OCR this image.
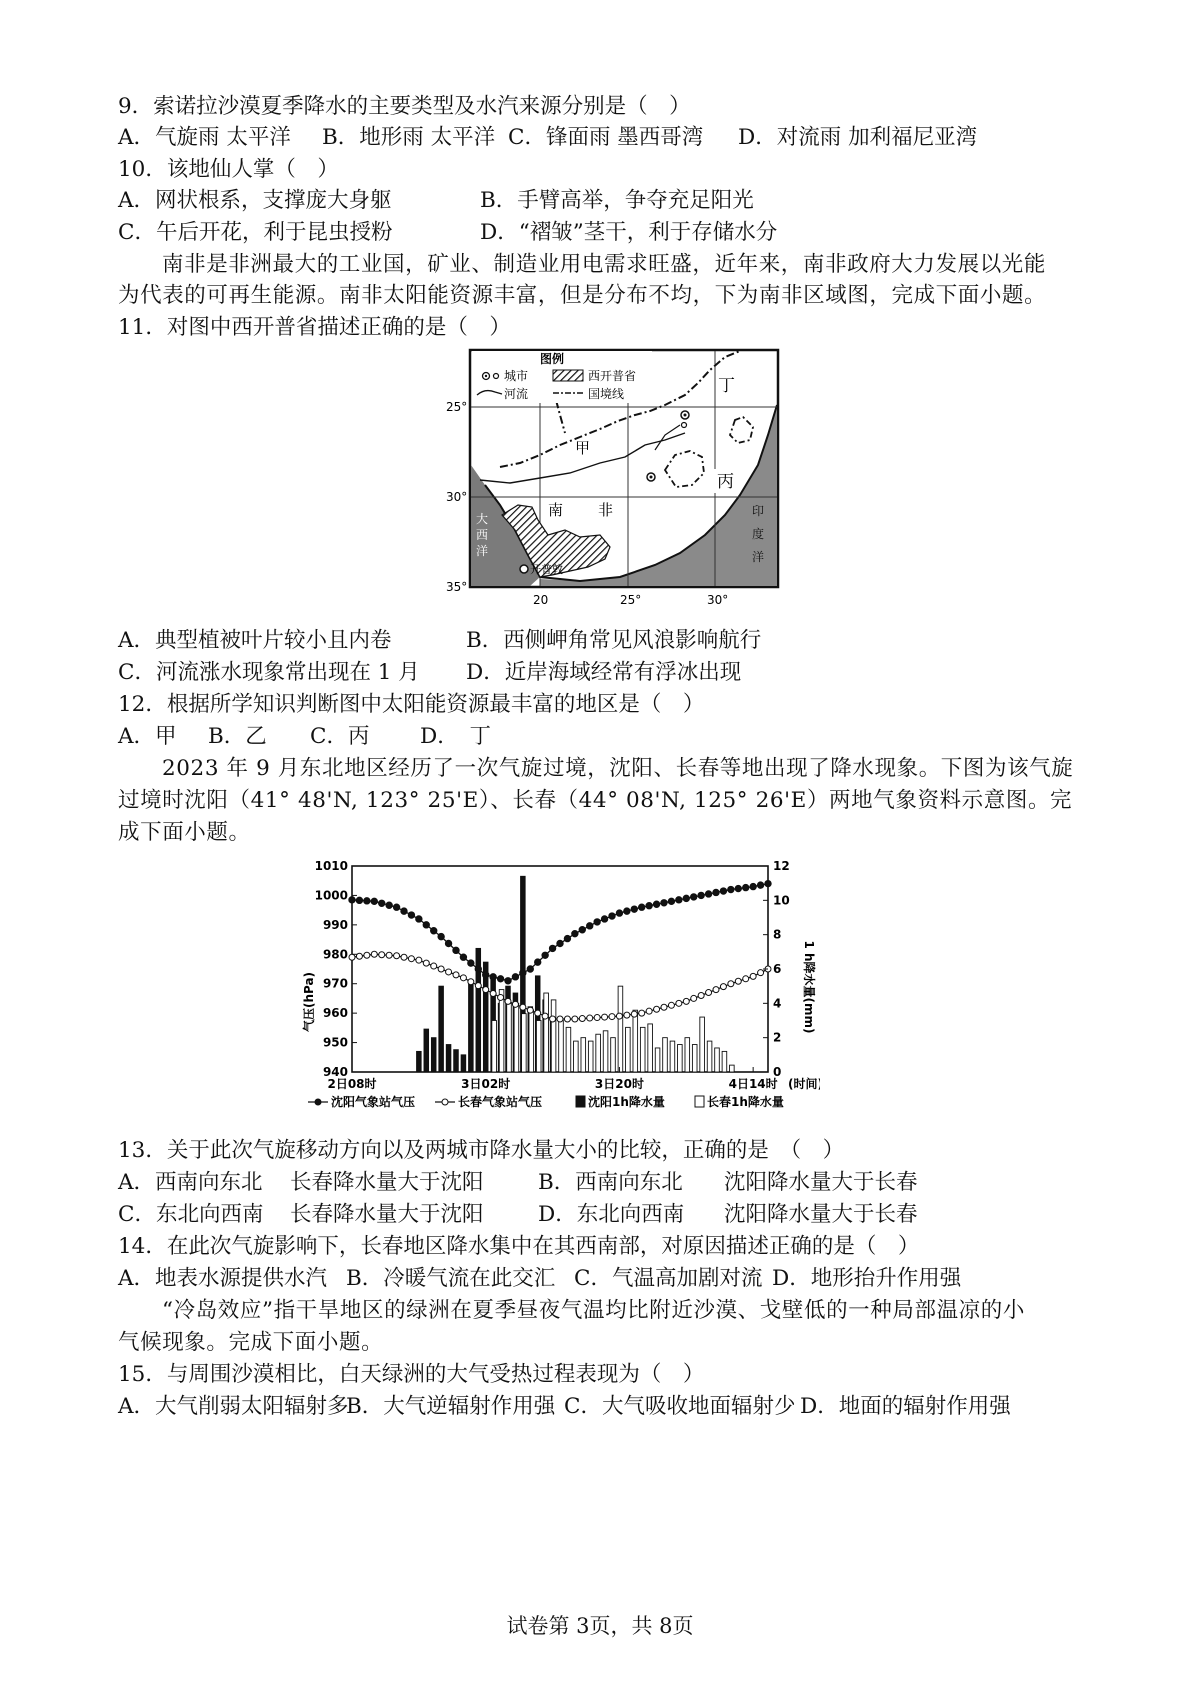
9．索诺拉沙漠夏季降水的主要类型及水汽来源分别是（　）
A．气旋雨 太平洋 B．地形雨 太平洋 C．锋面雨 墨西哥湾 D．对流雨 加利福尼亚湾
10．该地仙人掌（　）
A．网状根系，支撑庞大身躯	B．手臂高举，争夺充足阳光
C．午后开花，利于昆虫授粉	D．“褶皱”茎干，利于存储水分
南非是非洲最大的工业国，矿业、制造业用电需求旺盛，近年来，南非政府大力发展以光能
为代表的可再生能源。南非太阳能资源丰富，但是分布不均，下为南非区域图，完成下面小题。
11．对图中西开普省描述正确的是（　）
图例
城市	西开普省
河流	国境线
甲
丙
丁
南 非
大
西
洋
印
度
洋
开普敦
25°
30°
35°
20	25°	30°
A．典型植被叶片较小且内卷	B．西侧岬角常见风浪影响航行
C．河流涨水现象常出现在 1 月 D．近岸海域经常有浮冰出现
12．根据所学知识判断图中太阳能资源最丰富的地区是（　）
A．甲 B．乙 C．丙 D．　丁
2023 年 9 月东北地区经历了一次气旋过境，沈阳、长春等地出现了降水现象。下图为该气旋
过境时沈阳（41° 48'N, 123° 25'E）、长春（44° 08'N, 125° 26'E）两地气象资料示意图。完
成下面小题。
1010
1000
990
980
970
960
950
940
12
10
8
6
4
2
0
2日08时	3日02时	3日20时	4日14时
气压(hPa)	1 h降水量(mm)
(时间)
沈阳气象站气压	长春气象站气压	沈阳1h降水量	长春1h降水量
13．关于此次气旋移动方向以及两城市降水量大小的比较，正确的是　（　）
A．西南向东北 长春降水量大于沈阳	B．西南向东北 沈阳降水量大于长春
C．东北向西南 长春降水量大于沈阳	D．东北向西南 沈阳降水量大于长春
14．在此次气旋影响下，长春地区降水集中在其西南部，对原因描述正确的是（　）
A．地表水源提供水汽 B．冷暖气流在此交汇 C．气温高加剧对流 D．地形抬升作用强
“冷岛效应”指干旱地区的绿洲在夏季昼夜气温均比附近沙漠、戈壁低的一种局部温凉的小
气候现象。完成下面小题。
15．与周围沙漠相比，白天绿洲的大气受热过程表现为（　）
A．大气削弱太阳辐射多
B．大气逆辐射作用强 C．大气吸收地面辐射少 D．地面的辐射作用强
试卷第 3页，共 8页
